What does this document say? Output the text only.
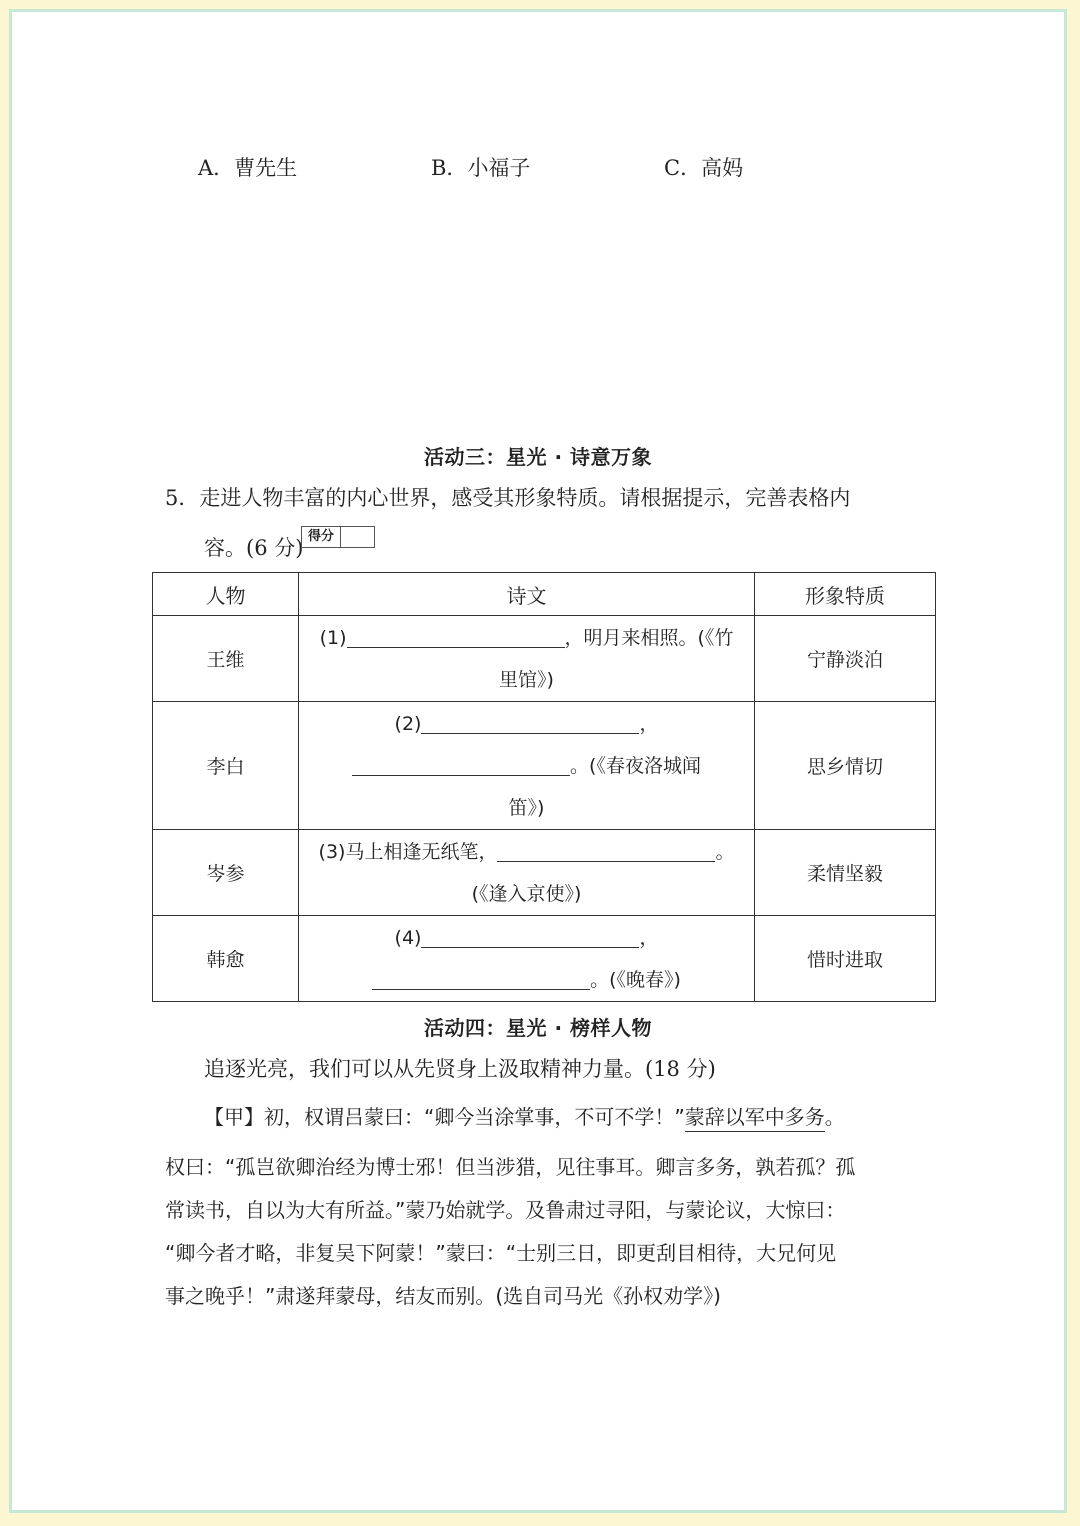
A．曹先生	B．小福子	C．高妈
活动三：星光 · 诗意万象
5．走进人物丰富的内心世界，感受其形象特质。请根据提示，完善表格内
容。(6 分) 得分
人物	诗文	形象特质
王维	(1) ，明月来相照。(《竹
里馆》)	宁静淡泊
李白	(2) ，
。(《春夜洛城闻
笛》)	思乡情切
岑参	(3)马上相逢无纸笔， 。
(《逢入京使》)	柔情坚毅
韩愈	(4) ，
。(《晚春》)	惜时进取
活动四：星光 · 榜样人物
追逐光亮，我们可以从先贤身上汲取精神力量。(18 分)
【甲】初，权谓吕蒙曰：“卿今当涂掌事，不可不学！”蒙辞以军中多务。
权曰：“孤岂欲卿治经为博士邪！但当涉猎，见往事耳。卿言多务，孰若孤？孤
常读书，自以为大有所益。”蒙乃始就学。及鲁肃过寻阳，与蒙论议，大惊曰：
“卿今者才略，非复吴下阿蒙！”蒙曰：“士别三日，即更刮目相待，大兄何见
事之晚乎！”肃遂拜蒙母，结友而别。(选自司马光《孙权劝学》)
